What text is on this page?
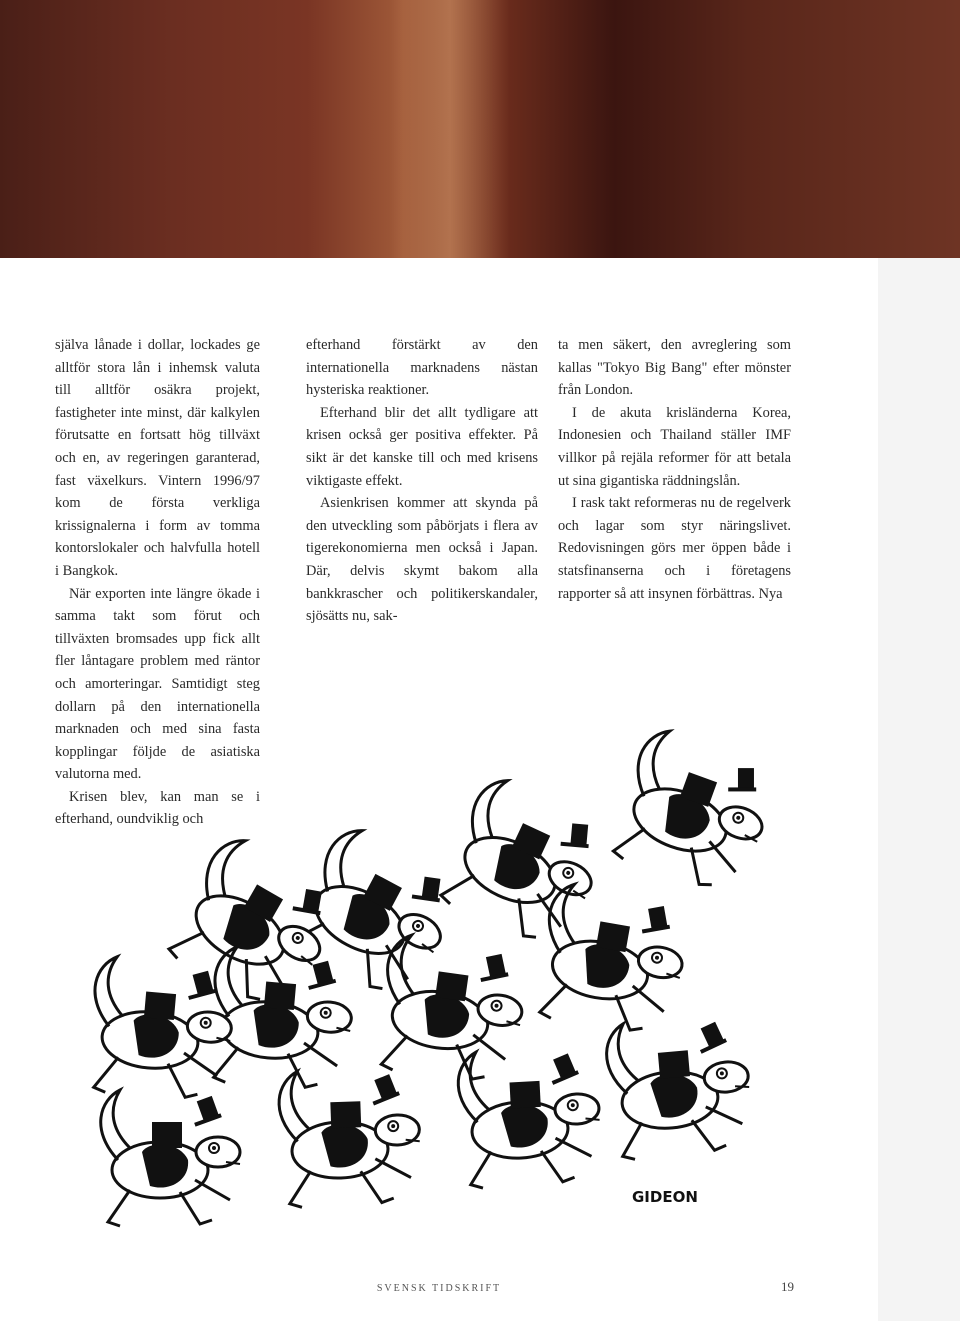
själva lånade i dollar, lockades ge alltför stora lån i inhemsk valuta till alltför osäkra projekt, fastigheter inte minst, där kalkylen förutsatte en fortsatt hög tillväxt och en, av regeringen garanterad, fast växelkurs. Vintern 1996/97 kom de första verkliga krissignalerna i form av tomma kontorslokaler och halvfulla hotell i Bangkok.

När exporten inte längre ökade i samma takt som förut och tillväxten bromsades upp fick allt fler låntagare problem med räntor och amorteringar. Samtidigt steg dollarn på den internationella marknaden och med sina fasta kopplingar följde de asiatiska valutorna med.

Krisen blev, kan man se i efterhand, oundviklig och

efterhand förstärkt av den internationella marknadens nästan hysteriska reaktioner.

Efterhand blir det allt tydligare att krisen också ger positiva effekter. På sikt är det kanske till och med krisens viktigaste effekt.

Asienkrisen kommer att skynda på den utveckling som påbörjats i flera av tigerekonomierna men också i Japan. Där, delvis skymt bakom alla bankkrascher och politikerskandaler, sjösätts nu, sak-

ta men säkert, den avreglering som kallas "Tokyo Big Bang" efter mönster från London.

I de akuta krisländerna Korea, Indonesien och Thailand ställer IMF villkor på rejäla reformer för att betala ut sina gigantiska räddningslån.

I rask takt reformeras nu de regelverk och lagar som styr näringslivet. Redovisningen görs mer öppen både i statsfinanserna och i företagens rapporter så att insynen förbättras. Nya

GIDEON
SVENSK TIDSKRIFT	19
